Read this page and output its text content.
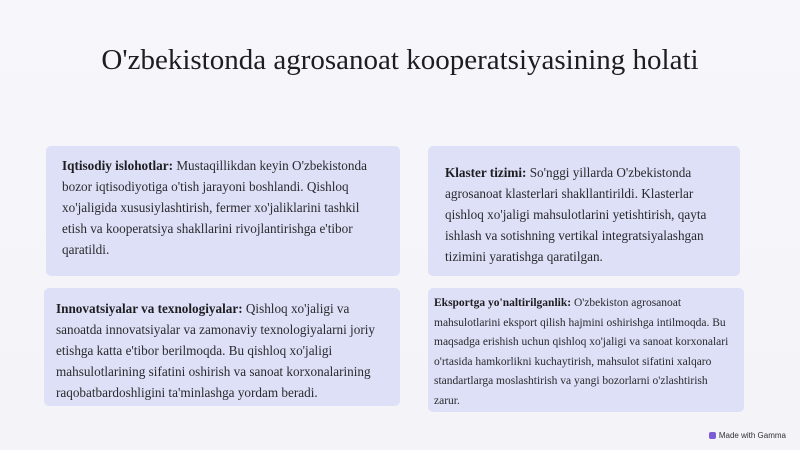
O'zbekistonda agrosanoat kooperatsiyasining holati
Iqtisodiy islohotlar: Mustaqillikdan keyin O'zbekistonda bozor iqtisodiyotiga o'tish jarayoni boshlandi. Qishloq xo'jaligida xususiylashtirish, fermer xo'jaliklarini tashkil etish va kooperatsiya shakllarini rivojlantirishga e'tibor qaratildi.
Klaster tizimi: So'nggi yillarda O'zbekistonda agrosanoat klasterlari shakllantirildi. Klasterlar qishloq xo'jaligi mahsulotlarini yetishtirish, qayta ishlash va sotishning vertikal integratsiyalashgan tizimini yaratishga qaratilgan.
Innovatsiyalar va texnologiyalar: Qishloq xo'jaligi va sanoatda innovatsiyalar va zamonaviy texnologiyalarni joriy etishga katta e'tibor berilmoqda. Bu qishloq xo'jaligi mahsulotlarining sifatini oshirish va sanoat korxonalarining raqobatbardoshligini ta'minlashga yordam beradi.
Eksportga yo'naltirilganlik: O'zbekiston agrosanoat mahsulotlarini eksport qilish hajmini oshirishga intilmoqda. Bu maqsadga erishish uchun qishloq xo'jaligi va sanoat korxonalari o'rtasida hamkorlikni kuchaytirish, mahsulot sifatini xalqaro standartlarga moslashtirish va yangi bozorlarni o'zlashtirish zarur.
Made with Gamma
